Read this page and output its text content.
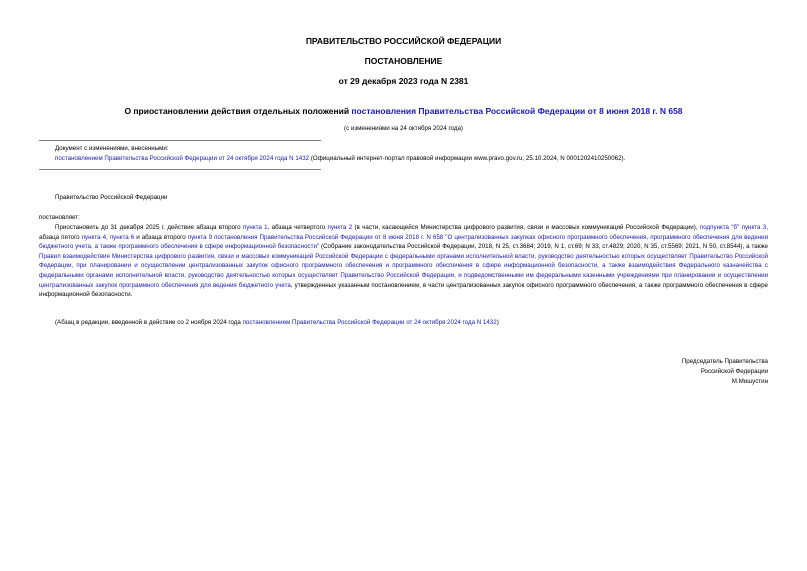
ПРАВИТЕЛЬСТВО РОССИЙСКОЙ ФЕДЕРАЦИИ
ПОСТАНОВЛЕНИЕ
от 29 декабря 2023 года N 2381
О приостановлении действия отдельных положений постановления Правительства Российской Федерации от 8 июня 2018 г. N 658
(с изменениями на 24 октября 2024 года)
Документ с изменениями, внесенными:
постановлением Правительства Российской Федерации от 24 октября 2024 года N 1432 (Официальный интернет-портал правовой информации www.pravo.gov.ru, 25.10.2024, N 0001202410250062).
Правительство Российской Федерации
постановляет:
Приостановить до 31 декабря 2025 г. действие абзаца второго пункта 1, абзаца четвертого пункта 2 (в части, касающейся Министерства цифрового развития, связи и массовых коммуникаций Российской Федерации), подпункта "б" пункта 3, абзаца пятого пункта 4, пункта 6 и абзаца второго пункта 9 постановления Правительства Российской Федерации от 8 июня 2018 г. N 658 "О централизованных закупках офисного программного обеспечения, программного обеспечения для ведения бюджетного учета, а также программного обеспечения в сфере информационной безопасности" (Собрание законодательства Российской Федерации, 2018, N 25, ст.3684; 2019, N 1, ст.69; N 33, ст.4829; 2020, N 35, ст.5569; 2021, N 50, ст.8544), а также Правил взаимодействия Министерства цифрового развития, связи и массовых коммуникаций Российской Федерации с федеральными органами исполнительной власти, руководство деятельностью которых осуществляет Правительство Российской Федерации, при планировании и осуществлении централизованных закупок офисного программного обеспечения и программного обеспечения в сфере информационной безопасности, а также взаимодействия Федерального казначейства с федеральными органами исполнительной власти, руководство деятельностью которых осуществляет Правительство Российской Федерации, и подведомственными им федеральными казенными учреждениями при планировании и осуществлении централизованных закупок программного обеспечения для ведения бюджетного учета, утвержденных указанным постановлением, в части централизованных закупок офисного программного обеспечения, а также программного обеспечения в сфере информационной безопасности.
(Абзац в редакции, введенной в действие со 2 ноября 2024 года постановлением Правительства Российской Федерации от 24 октября 2024 года N 1432)
Председатель Правительства
Российской Федерации
М.Мишустин
